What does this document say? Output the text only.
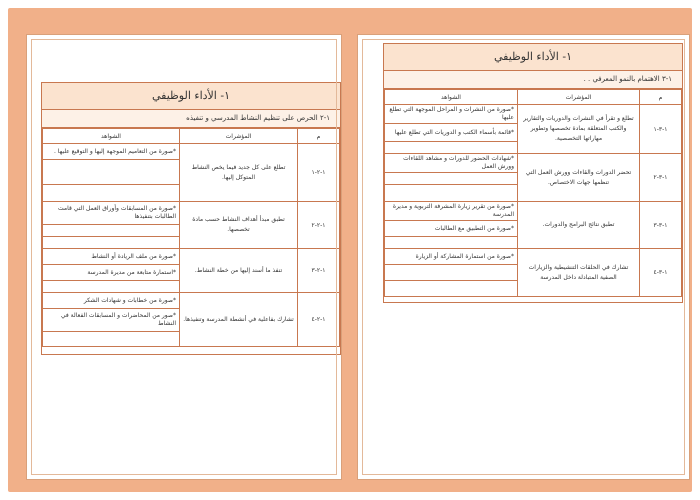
١- الأداء الوظيفي
١-٢ الحرص على تنظيم النشاط المدرسي و تنفيذه
م	المؤشرات	الشواهد
١-٢-١	تطلع على كل جديد فيما يخص النشاط المتوكل إليها.	*صورة من التعاميم الموجهة إليها و التوقيع عليها .

١-٢-٢	تطبق مبدأ أهداف النشاط حسب مادة تخصصها.	*صورة من المسابقات وأوراق العمل التي قامت الطالبات بتنفيذها

١-٢-٣	تنفذ ما أسند إليها من خطة النشاط.	*صورة من ملف الريادة أو النشاط
		*استمارة متابعة من مديرة المدرسة

١-٢-٤	تشارك بفاعلية في أنشطة المدرسة وتنفيذها.	*صورة من خطابات و شهادات الشكر
		*صور من المحاضرات و المسابقات الفعالة في النشاط

١- الأداء الوظيفي
١-٣ الاهتمام بالنمو المعرفي . .
م	المؤشرات	الشواهد
١-٣-١	تطلع و تقرأ في النشرات والدوريات والتقارير والكتب المتعلقة بمادة تخصصها وتطوير مهاراتها التخصصية.	*صورة من النشرات و المراحل الموجهة التي تطلع عليها
		*قائمة بأسماء الكتب و الدوريات التي تطلع عليها

١-٣-٢	تحضر الدورات والقاءات وورش العمل التي تنظمها جهات الاختصاص.	*شهادات الحضور للدورات و مشاهد اللقاءات وورش العمل

١-٣-٣	تطبق نتائج البرامج والدورات.	*صورة من تقرير زيارة المشرفة التربوية و مديرة المدرسة
		*صورة من التطبيق مع الطالبات

١-٣-٤	تشارك في الحلقات التنشيطية والزيارات الصفية المتبادلة داخل المدرسة	*صورة من استمارة المشاركة أو الزيارة
